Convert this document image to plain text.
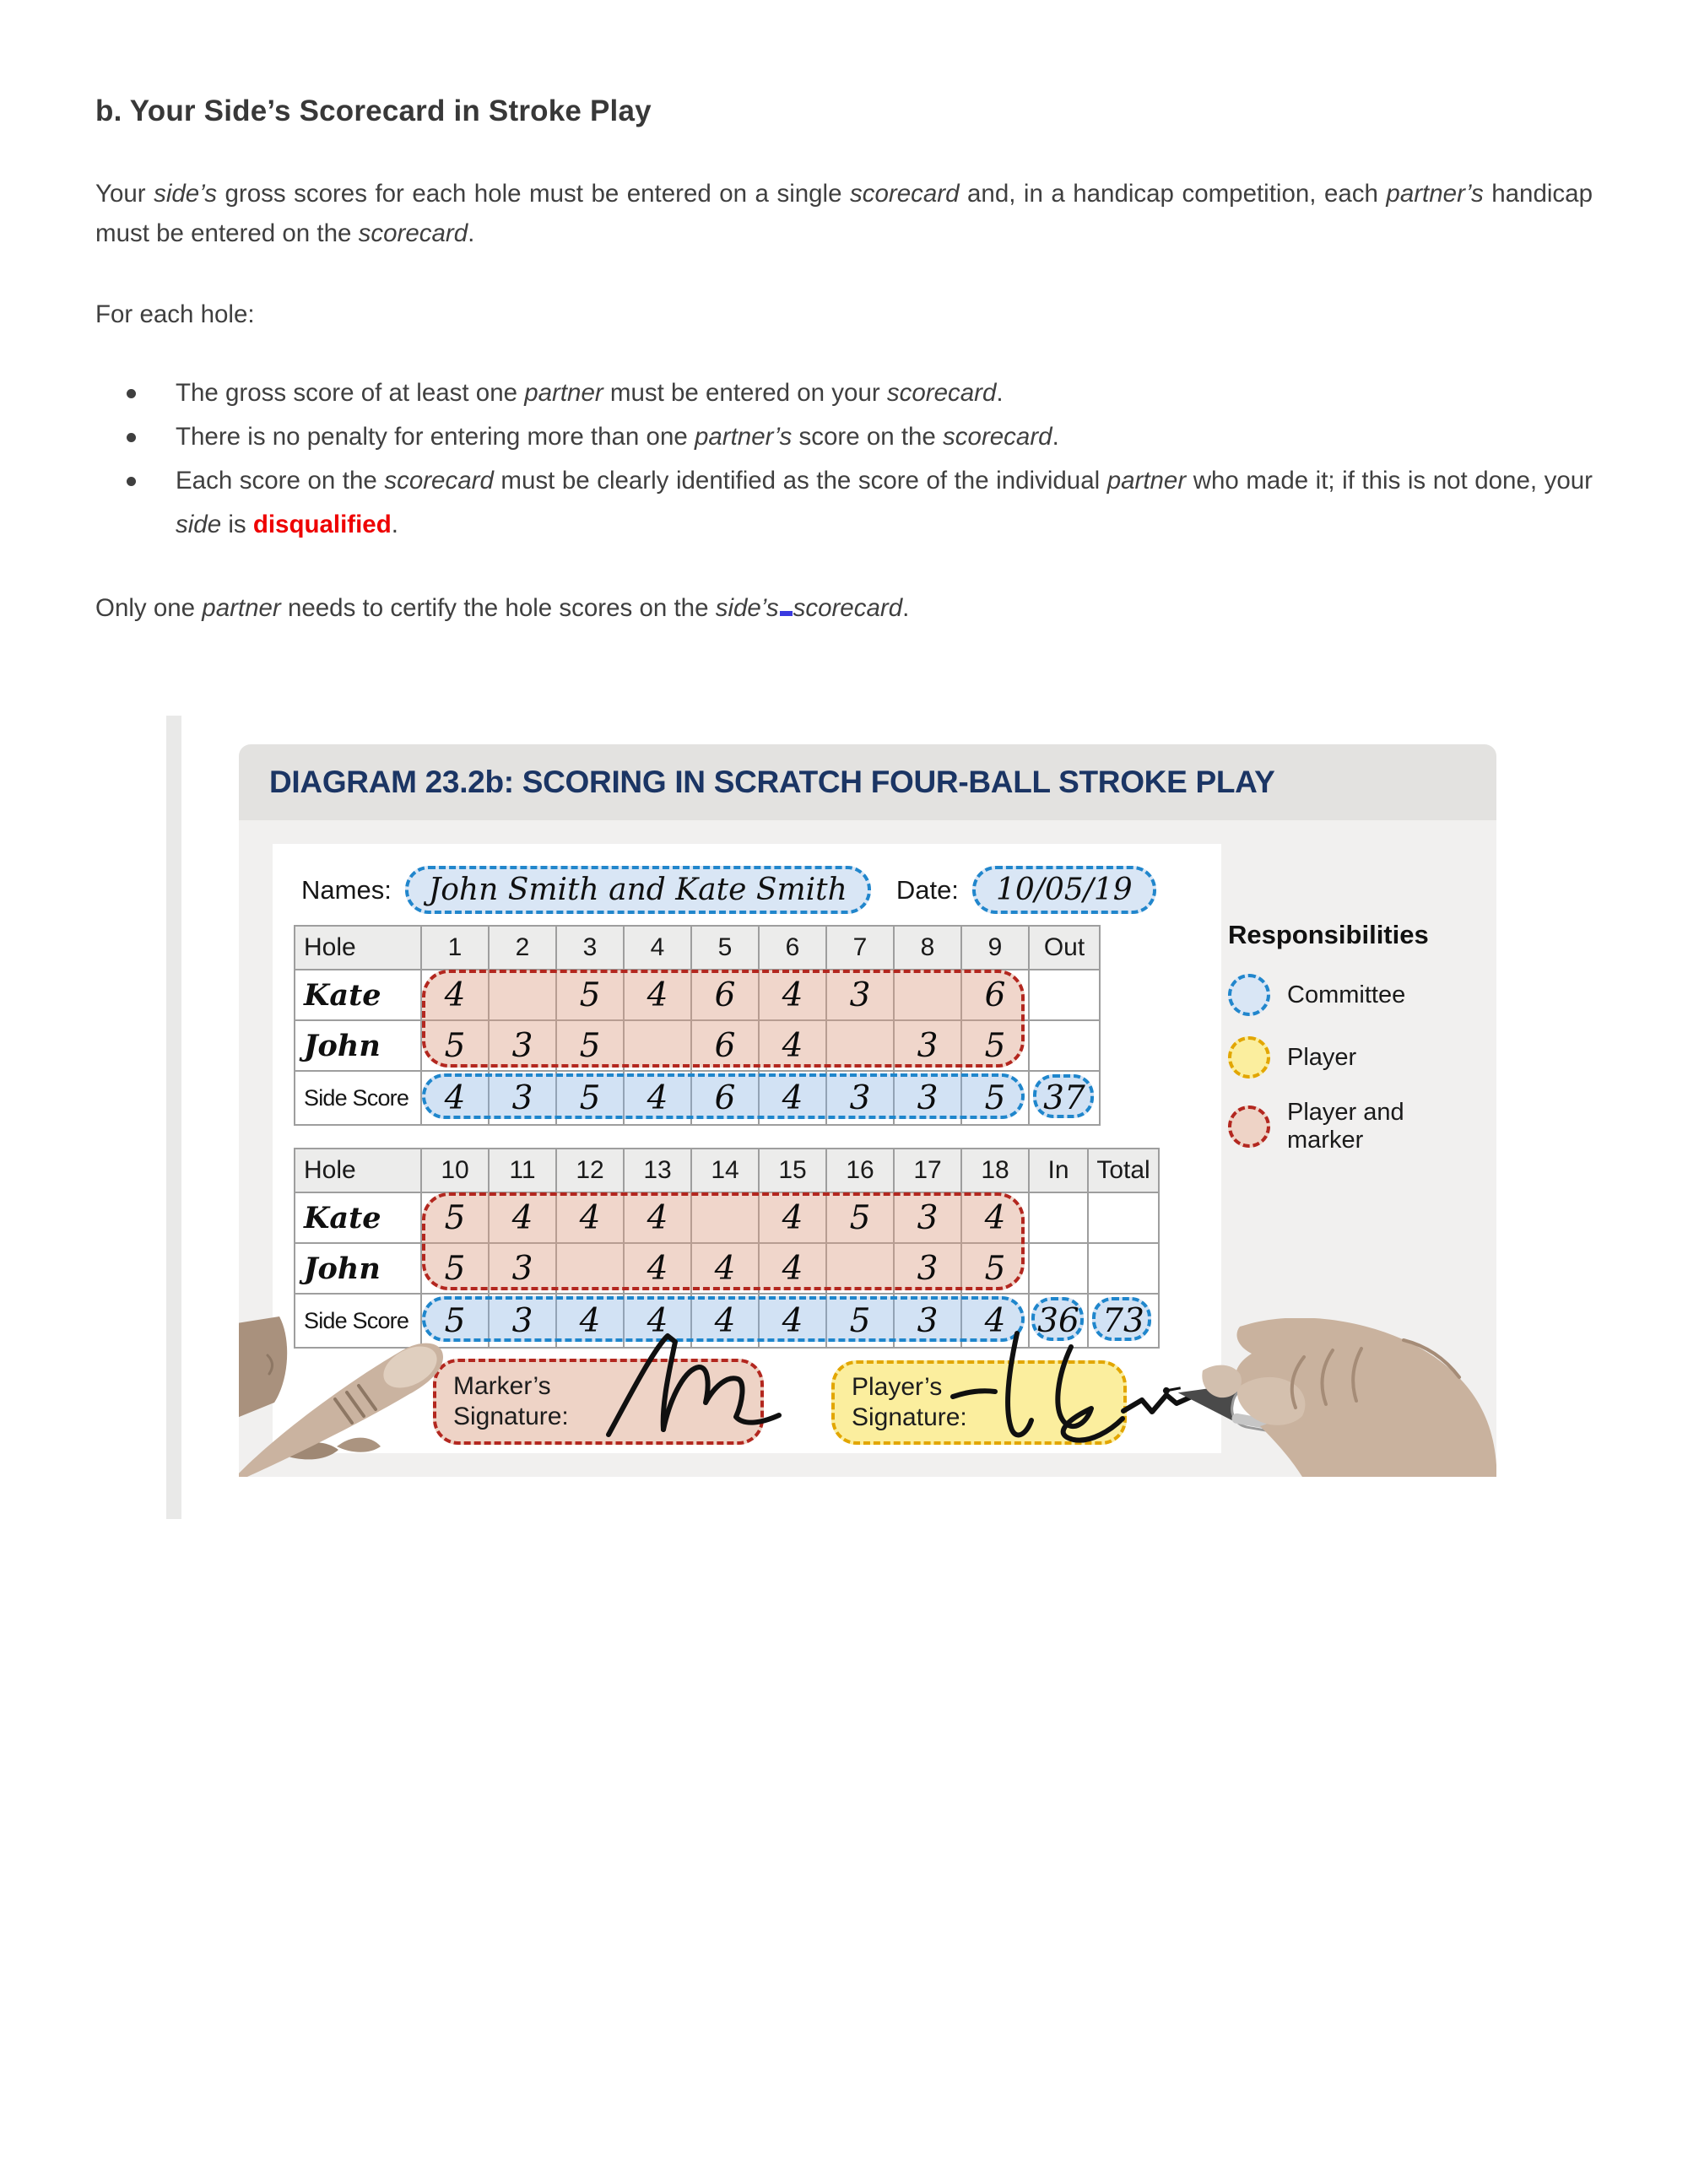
b. Your Side’s Scorecard in Stroke Play

Your side’s gross scores for each hole must be entered on a single scorecard and, in a handicap competition, each partner’s handicap must be entered on the scorecard.

For each hole:

The gross score of at least one partner must be entered on your scorecard.
There is no penalty for entering more than one partner’s score on the scorecard.
Each score on the scorecard must be clearly identified as the score of the individual partner who made it; if this is not done, your side is disqualified.

Only one partner needs to certify the hole scores on the side’s scorecard.

DIAGRAM 23.2b: SCORING IN SCRATCH FOUR-BALL STROKE PLAY
Names:	John Smith and Kate Smith	Date:	10/05/19
Hole	1	2	3	4	5	6	7	8	9	Out
Kate	4		5	4	6	4	3		6	
John	5	3	5		6	4		3	5	
Side Score	4	3	5	4	6	4	3	3	5	37
Hole	10	11	12	13	14	15	16	17	18	In	Total
Kate	5	4	4	4		4	5	3	4		
John	5	3		4	4	4		3	5		
Side Score	5	3	4	4	4	4	5	3	4	36	73
Marker’s Signature:
Player’s Signature:
Responsibilities
Committee
Player
Player and marker
